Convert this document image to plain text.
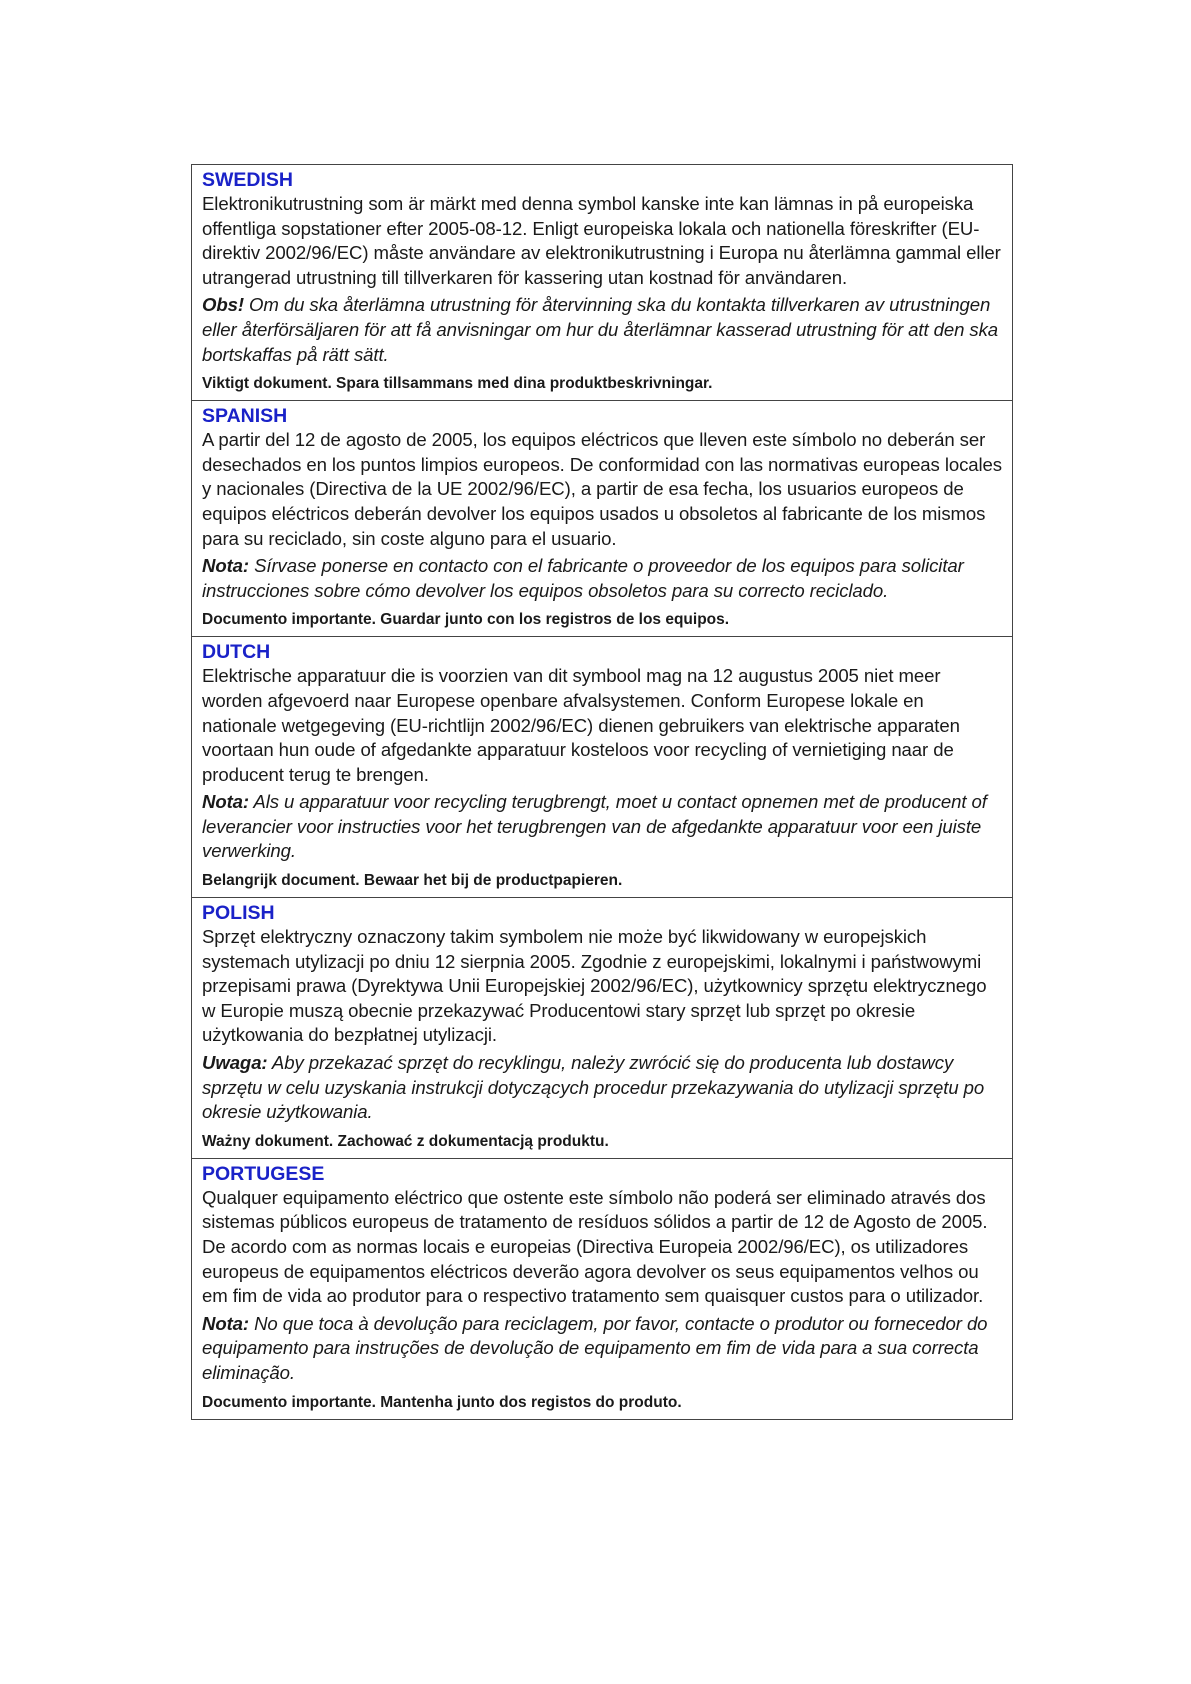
SWEDISH

Elektronikutrustning som är märkt med denna symbol kanske inte kan lämnas in på europeiska offentliga sopstationer efter 2005-08-12. Enligt europeiska lokala och nationella föreskrifter (EU-direktiv 2002/96/EC) måste användare av elektronikutrustning i Europa nu återlämna gammal eller utrangerad utrustning till tillverkaren för kassering utan kostnad för användaren.

Obs! Om du ska återlämna utrustning för återvinning ska du kontakta tillverkaren av utrustningen eller återförsäljaren för att få anvisningar om hur du återlämnar kasserad utrustning för att den ska bortskaffas på rätt sätt.

Viktigt dokument. Spara tillsammans med dina produktbeskrivningar.

SPANISH

A partir del 12 de agosto de 2005, los equipos eléctricos que lleven este símbolo no deberán ser desechados en los puntos limpios europeos. De conformidad con las normativas europeas locales y nacionales (Directiva de la UE 2002/96/EC), a partir de esa fecha, los usuarios europeos de equipos eléctricos deberán devolver los equipos usados u obsoletos al fabricante de los mismos para su reciclado, sin coste alguno para el usuario.

Nota: Sírvase ponerse en contacto con el fabricante o proveedor de los equipos para solicitar instrucciones sobre cómo devolver los equipos obsoletos para su correcto reciclado.

Documento importante. Guardar junto con los registros de los equipos.

DUTCH

Elektrische apparatuur die is voorzien van dit symbool mag na 12 augustus 2005 niet meer worden afgevoerd naar Europese openbare afvalsystemen. Conform Europese lokale en nationale wetgegeving (EU-richtlijn 2002/96/EC) dienen gebruikers van elektrische apparaten voortaan hun oude of afgedankte apparatuur kosteloos voor recycling of vernietiging naar de producent terug te brengen.

Nota: Als u apparatuur voor recycling terugbrengt, moet u contact opnemen met de producent of leverancier voor instructies voor het terugbrengen van de afgedankte apparatuur voor een juiste verwerking.

Belangrijk document. Bewaar het bij de productpapieren.

POLISH

Sprzęt elektryczny oznaczony takim symbolem nie może być likwidowany w europejskich systemach utylizacji po dniu 12 sierpnia 2005. Zgodnie z europejskimi, lokalnymi i państwowymi przepisami prawa (Dyrektywa Unii Europejskiej 2002/96/EC), użytkownicy sprzętu elektrycznego w Europie muszą obecnie przekazywać Producentowi stary sprzęt lub sprzęt po okresie użytkowania do bezpłatnej utylizacji.

Uwaga: Aby przekazać sprzęt do recyklingu, należy zwrócić się do producenta lub dostawcy sprzętu w celu uzyskania instrukcji dotyczących procedur przekazywania do utylizacji sprzętu po okresie użytkowania.

Ważny dokument. Zachować z dokumentacją produktu.

PORTUGESE

Qualquer equipamento eléctrico que ostente este símbolo não poderá ser eliminado através dos sistemas públicos europeus de tratamento de resíduos sólidos a partir de 12 de Agosto de 2005. De acordo com as normas locais e europeias (Directiva Europeia 2002/96/EC), os utilizadores europeus de equipamentos eléctricos deverão agora devolver os seus equipamentos velhos ou em fim de vida ao produtor para o respectivo tratamento sem quaisquer custos para o utilizador.

Nota: No que toca à devolução para reciclagem, por favor, contacte o produtor ou fornecedor do equipamento para instruções de devolução de equipamento em fim de vida para a sua correcta eliminação.

Documento importante. Mantenha junto dos registos do produto.
